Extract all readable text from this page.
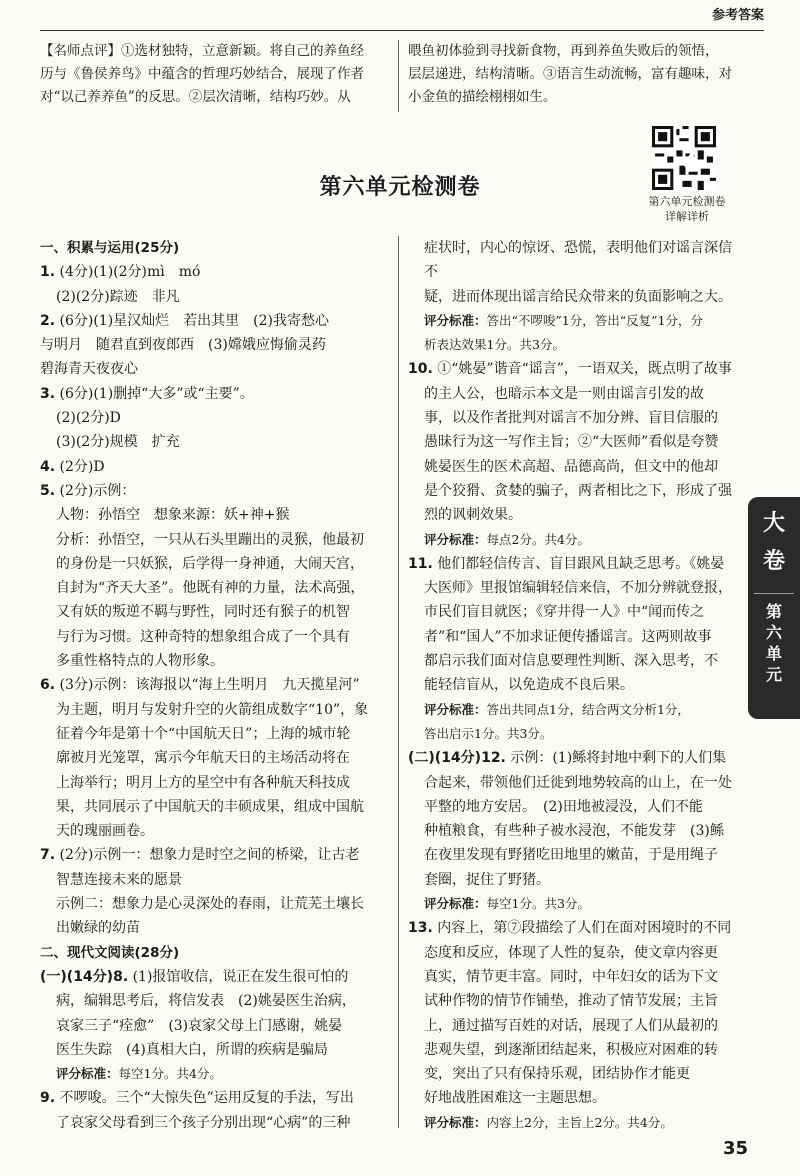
参考答案
【名师点评】①选材独特，立意新颖。将自己的养鱼经
历与《鲁侯养鸟》中蕴含的哲理巧妙结合，展现了作者
对“以己养养鱼”的反思。②层次清晰，结构巧妙。从
喂鱼初体验到寻找新食物，再到养鱼失败后的领悟，
层层递进，结构清晰。③语言生动流畅，富有趣味，对
小金鱼的描绘栩栩如生。
第六单元检测卷
详解详析
第六单元检测卷

一、积累与运用(25分)

1. (4分)(1)(2分)mì　mó

(2)(2分)踪迹　非凡

2. (6分)(1)星汉灿烂　若出其里　(2)我寄愁心

与明月　随君直到夜郎西　(3)嫦娥应悔偷灵药

碧海青天夜夜心

3. (6分)(1)删掉“大多”或“主要”。

(2)(2分)D

(3)(2分)规模　扩充

4. (2分)D

5. (2分)示例：

人物：孙悟空　想象来源：妖+神+猴

分析：孙悟空，一只从石头里蹦出的灵猴，他最初

的身份是一只妖猴，后学得一身神通，大闹天宫，

自封为“齐天大圣”。他既有神的力量，法术高强，

又有妖的叛逆不羁与野性，同时还有猴子的机智

与行为习惯。这种奇特的想象组合成了一个具有

多重性格特点的人物形象。

6. (3分)示例：该海报以“海上生明月　九天揽星河”

为主题，明月与发射升空的火箭组成数字“10”，象

征着今年是第十个“中国航天日”；上海的城市轮

廓被月光笼罩，寓示今年航天日的主场活动将在

上海举行；明月上方的星空中有各种航天科技成

果，共同展示了中国航天的丰硕成果，组成中国航

天的瑰丽画卷。

7. (2分)示例一：想象力是时空之间的桥梁，让古老

智慧连接未来的愿景

示例二：想象力是心灵深处的春雨，让荒芜土壤长

出嫩绿的幼苗

二、现代文阅读(28分)

(一)(14分)8. (1)报馆收信，说正在发生很可怕的

病，编辑思考后，将信发表　(2)姚晏医生治病，

哀家三子“痊愈”　(3)哀家父母上门感谢，姚晏

医生失踪　(4)真相大白，所谓的疾病是骗局

评分标准：每空1分。共4分。

9. 不啰唆。三个“大惊失色”运用反复的手法，写出

了哀家父母看到三个孩子分别出现“心病”的三种

症状时，内心的惊讶、恐慌，表明他们对谣言深信不

疑，进而体现出谣言给民众带来的负面影响之大。

评分标准：答出“不啰唆”1分，答出“反复”1分，分

析表达效果1分。共3分。

10. ①“姚晏”谐音“谣言”，一语双关，既点明了故事

的主人公，也暗示本文是一则由谣言引发的故

事，以及作者批判对谣言不加分辨、盲目信服的

愚昧行为这一写作主旨；②“大医师”看似是夸赞

姚晏医生的医术高超、品德高尚，但文中的他却

是个狡猾、贪婪的骗子，两者相比之下，形成了强

烈的讽刺效果。

评分标准：每点2分。共4分。

11. 他们都轻信传言、盲目跟风且缺乏思考。《姚晏

大医师》里报馆编辑轻信来信，不加分辨就登报，

市民们盲目就医；《穿井得一人》中“闻而传之

者”和“国人”不加求证便传播谣言。这两则故事

都启示我们面对信息要理性判断、深入思考，不

能轻信盲从，以免造成不良后果。

评分标准：答出共同点1分，结合两文分析1分，

答出启示1分。共3分。

(二)(14分)12. 示例：(1)鲧将封地中剩下的人们集

合起来，带领他们迁徙到地势较高的山上，在一处

平整的地方安居。　(2)田地被浸没，人们不能

种植粮食，有些种子被水浸泡，不能发芽　(3)鲧

在夜里发现有野猪吃田地里的嫩苗，于是用绳子

套圈，捉住了野猪。

评分标准：每空1分。共3分。

13. 内容上，第⑦段描绘了人们在面对困境时的不同

态度和反应，体现了人性的复杂，使文章内容更

真实，情节更丰富。同时，中年妇女的话为下文

试种作物的情节作铺垫，推动了情节发展；主旨

上，通过描写百姓的对话，展现了人们从最初的

悲观失望，到逐渐团结起来，积极应对困难的转

变，突出了只有保持乐观，团结协作才能更

好地战胜困难这一主题思想。

评分标准：内容上2分，主旨上2分。共4分。

大
卷
第
六
单
元
35
